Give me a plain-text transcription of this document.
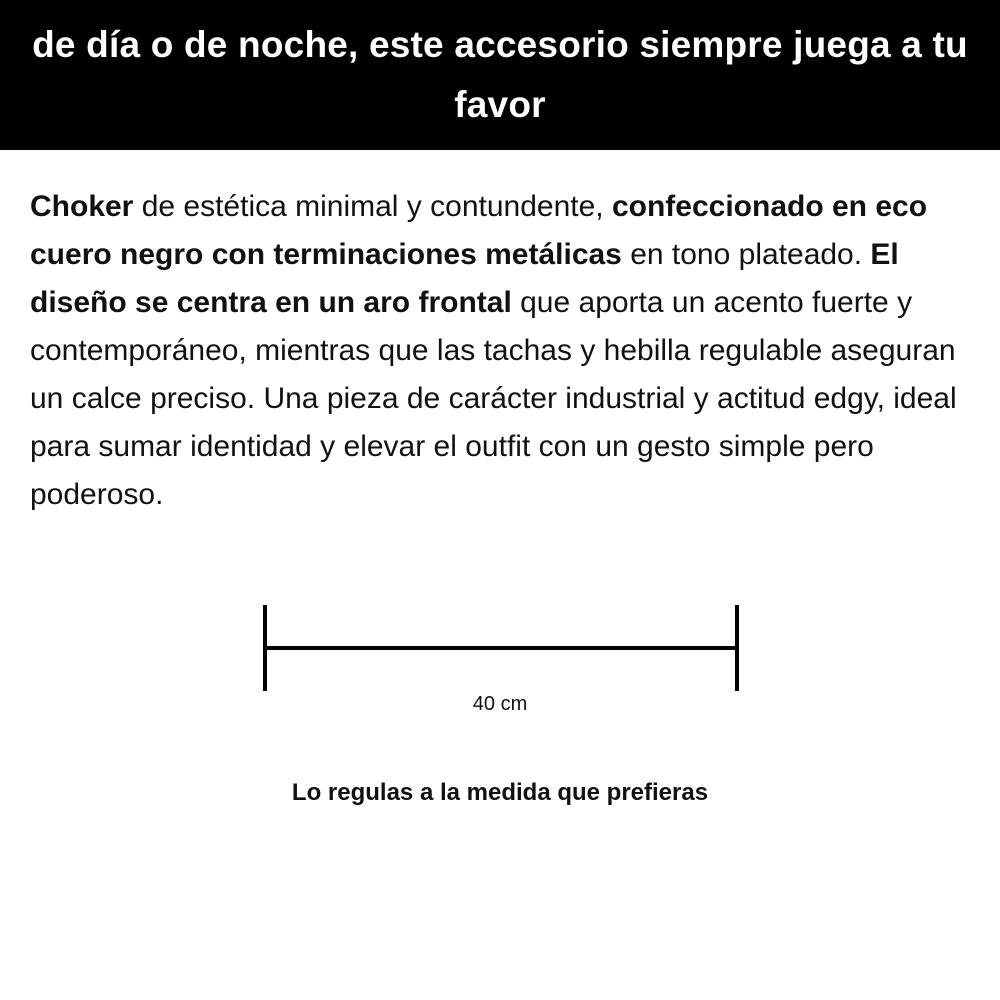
de día o de noche, este accesorio siempre juega a tu favor

Choker de estética minimal y contundente, confeccionado en eco cuero negro con terminaciones metálicas en tono plateado. El diseño se centra en un aro frontal que aporta un acento fuerte y contemporáneo, mientras que las tachas y hebilla regulable aseguran un calce preciso. Una pieza de carácter industrial y actitud edgy, ideal para sumar identidad y elevar el outfit con un gesto simple pero poderoso.

40 cm
Lo regulas a la medida que prefieras
